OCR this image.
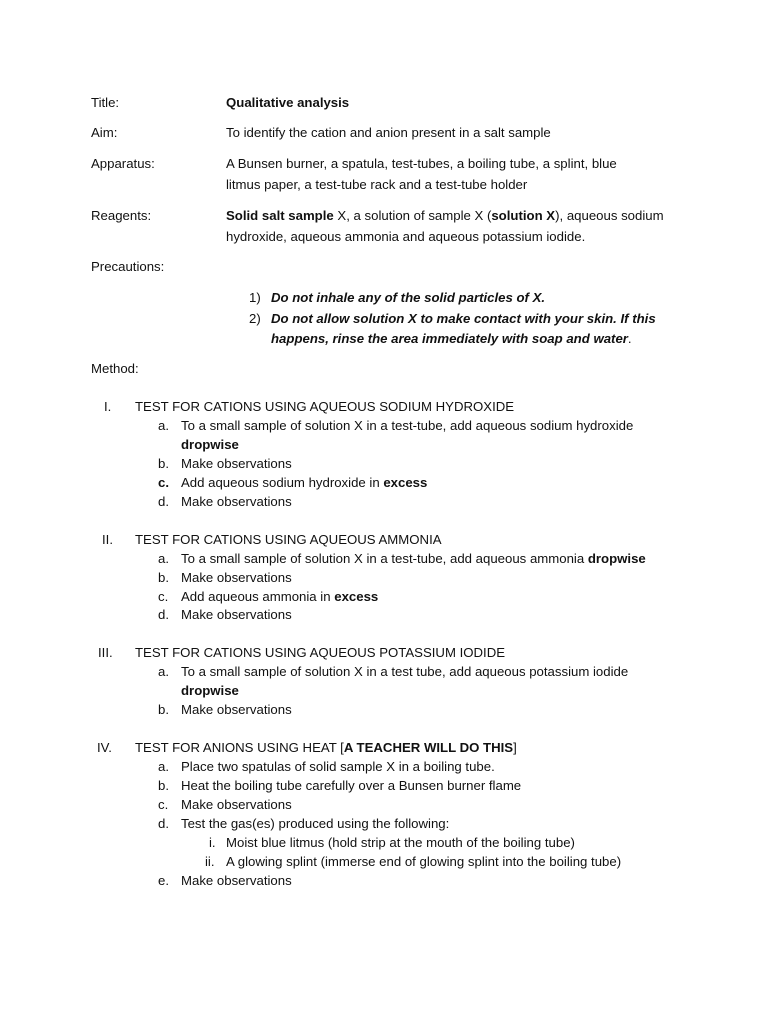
Title:	Qualitative analysis
Aim:	To identify the cation and anion present in a salt sample
Apparatus:	A Bunsen burner, a spatula, test-tubes, a boiling tube, a splint, blue
litmus paper, a test-tube rack and a test-tube holder
Reagents:	Solid salt sample X, a solution of sample X (solution X), aqueous sodium
hydroxide, aqueous ammonia and aqueous potassium iodide.
Precautions:
1) Do not inhale any of the solid particles of X.
2) Do not allow solution X to make contact with your skin. If this
happens, rinse the area immediately with soap and water.
Method:
I. TEST FOR CATIONS USING AQUEOUS SODIUM HYDROXIDE
a. To a small sample of solution X in a test-tube, add aqueous sodium hydroxide
dropwise
b. Make observations
c. Add aqueous sodium hydroxide in excess
d. Make observations
II. TEST FOR CATIONS USING AQUEOUS AMMONIA
a. To a small sample of solution X in a test-tube, add aqueous ammonia dropwise
b. Make observations
c. Add aqueous ammonia in excess
d. Make observations
III. TEST FOR CATIONS USING AQUEOUS POTASSIUM IODIDE
a. To a small sample of solution X in a test tube, add aqueous potassium iodide
dropwise
b. Make observations
IV. TEST FOR ANIONS USING HEAT [A TEACHER WILL DO THIS]
a. Place two spatulas of solid sample X in a boiling tube.
b. Heat the boiling tube carefully over a Bunsen burner flame
c. Make observations
d. Test the gas(es) produced using the following:
i. Moist blue litmus (hold strip at the mouth of the boiling tube)
ii. A glowing splint (immerse end of glowing splint into the boiling tube)
e. Make observations
